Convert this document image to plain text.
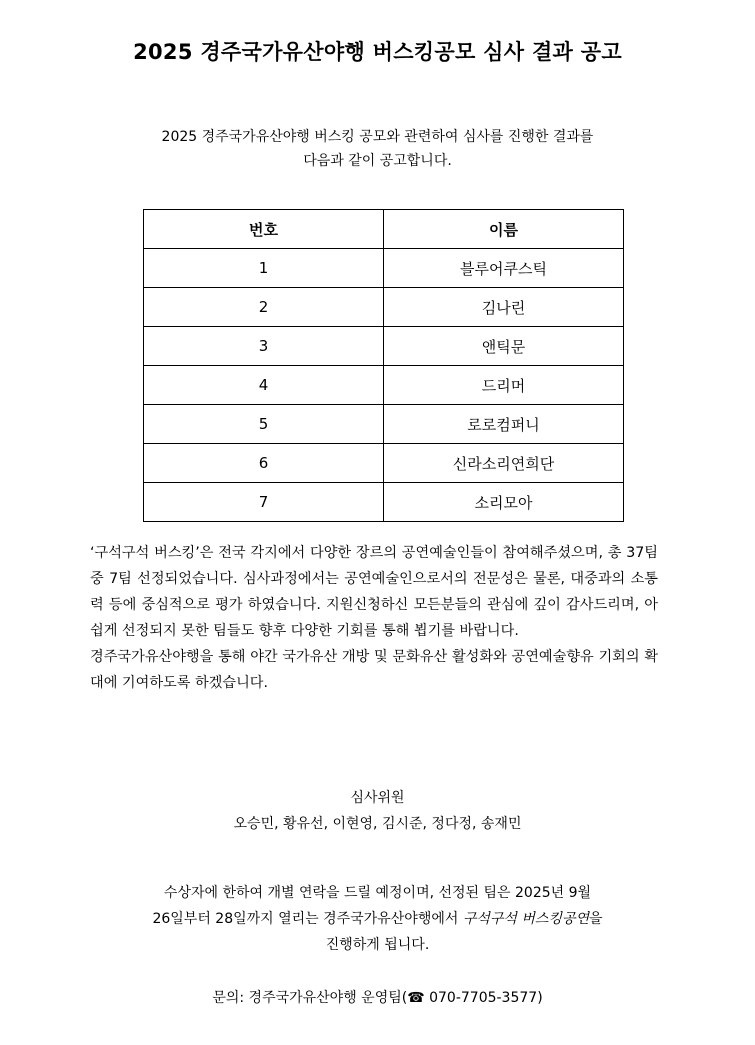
2025 경주국가유산야행 버스킹공모 심사 결과 공고
2025 경주국가유산야행 버스킹 공모와 관련하여 심사를 진행한 결과를
다음과 같이 공고합니다.
번호	이름
1	블루어쿠스틱
2	김나린
3	앤틱문
4	드리머
5	로로컴퍼니
6	신라소리연희단
7	소리모아

‘구석구석 버스킹’은 전국 각지에서 다양한 장르의 공연예술인들이 참여해주셨으며, 총 37팀 중 7팀 선정되었습니다. 심사과정에서는 공연예술인으로서의 전문성은 물론, 대중과의 소통력 등에 중심적으로 평가 하였습니다. 지원신청하신 모든분들의 관심에 깊이 감사드리며, 아쉽게 선정되지 못한 팀들도 향후 다양한 기회를 통해 뵙기를 바랍니다.

경주국가유산야행을 통해 야간 국가유산 개방 및 문화유산 활성화와 공연예술향유 기회의 확대에 기여하도록 하겠습니다.

심사위원
오승민, 황유선, 이현영, 김시준, 정다정, 송재민
수상자에 한하여 개별 연락을 드릴 예정이며, 선정된 팀은 2025년 9월
26일부터 28일까지 열리는 경주국가유산야행에서 구석구석 버스킹공연을
진행하게 됩니다.
문의: 경주국가유산야행 운영팀(☎ 070-7705-3577)
